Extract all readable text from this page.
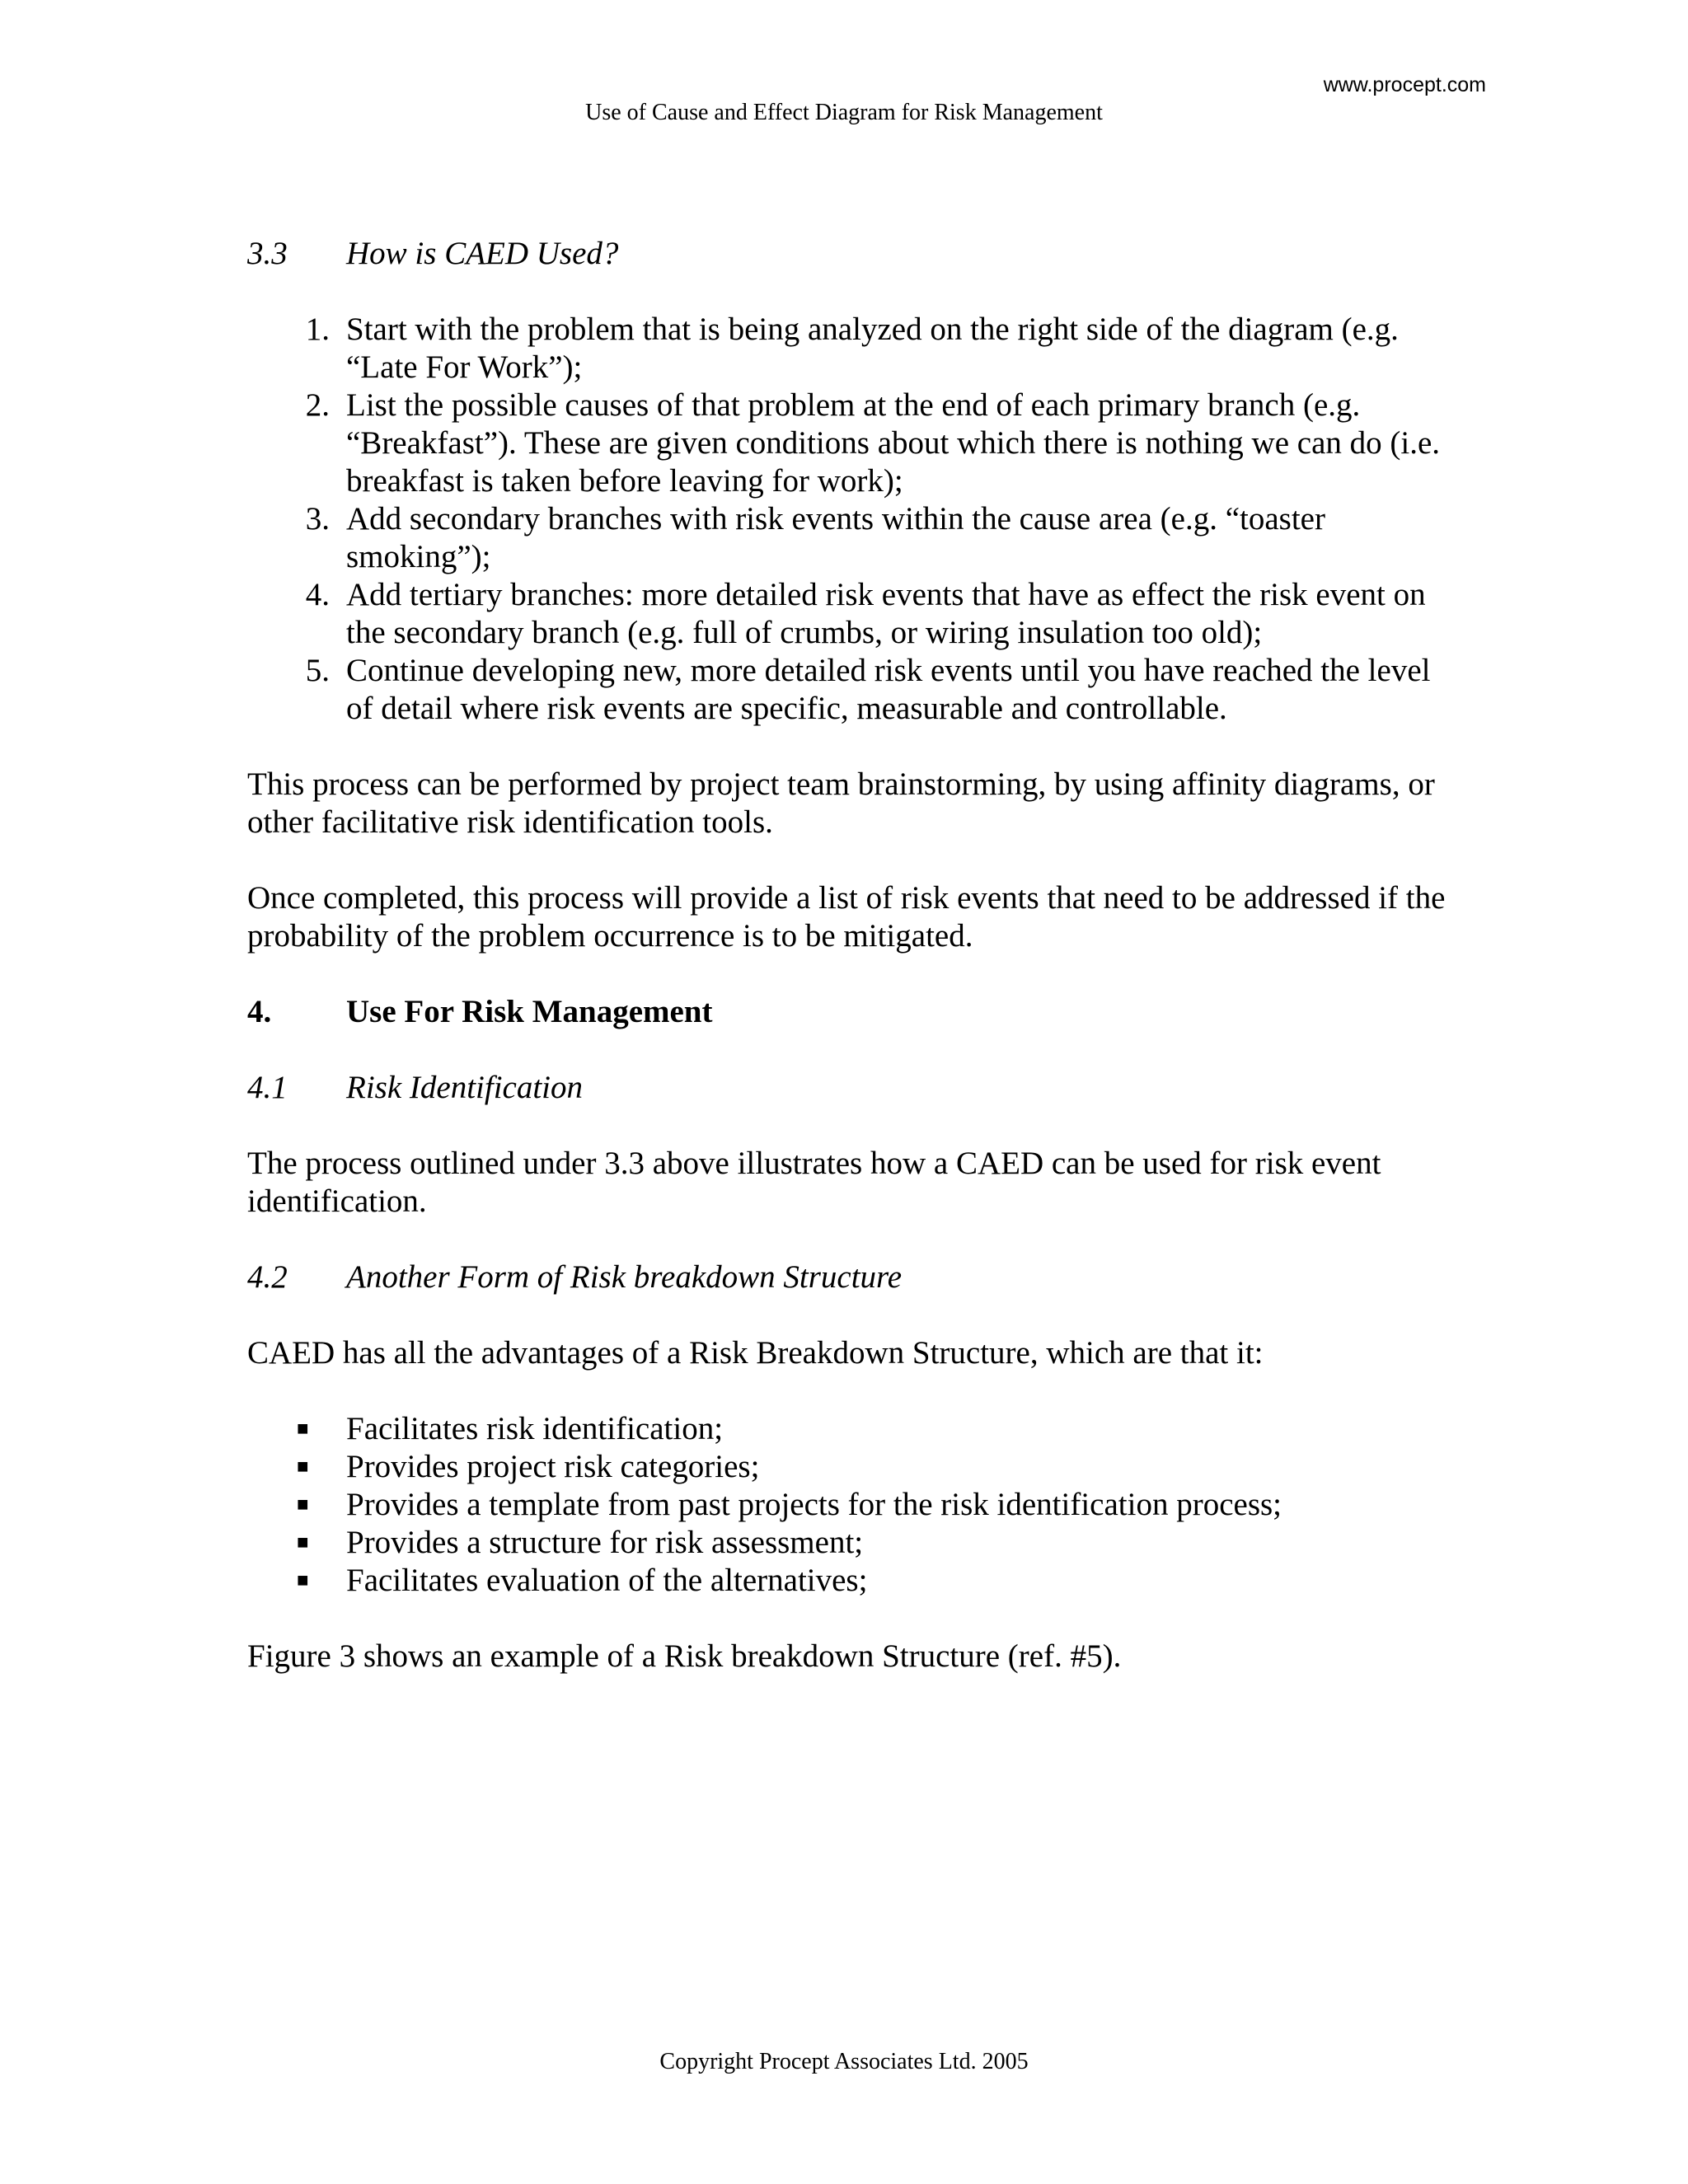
www.procept.com
Use of Cause and Effect Diagram for Risk Management
3.3	How is CAED Used?
1. Start with the problem that is being analyzed on the right side of the diagram (e.g. “Late For Work”);
2. List the possible causes of that problem at the end of each primary branch (e.g. “Breakfast”). These are given conditions about which there is nothing we can do (i.e. breakfast is taken before leaving for work);
3. Add secondary branches with risk events within the cause area (e.g. “toaster smoking”);
4. Add tertiary branches: more detailed risk events that have as effect the risk event on the secondary branch (e.g. full of crumbs, or wiring insulation too old);
5. Continue developing new, more detailed risk events until you have reached the level of detail where risk events are specific, measurable and controllable.

This process can be performed by project team brainstorming, by using affinity diagrams, or other facilitative risk identification tools.

Once completed, this process will provide a list of risk events that need to be addressed if the probability of the problem occurrence is to be mitigated.

4.	Use For Risk Management
4.1	Risk Identification

The process outlined under 3.3 above illustrates how a CAED can be used for risk event identification.

4.2	Another Form of Risk breakdown Structure

CAED has all the advantages of a Risk Breakdown Structure, which are that it:

■	Facilitates risk identification;
■	Provides project risk categories;
■	Provides a template from past projects for the risk identification process;
■	Provides a structure for risk assessment;
■	Facilitates evaluation of the alternatives;

Figure 3 shows an example of a Risk breakdown Structure (ref. #5).

Copyright Procept Associates Ltd. 2005
